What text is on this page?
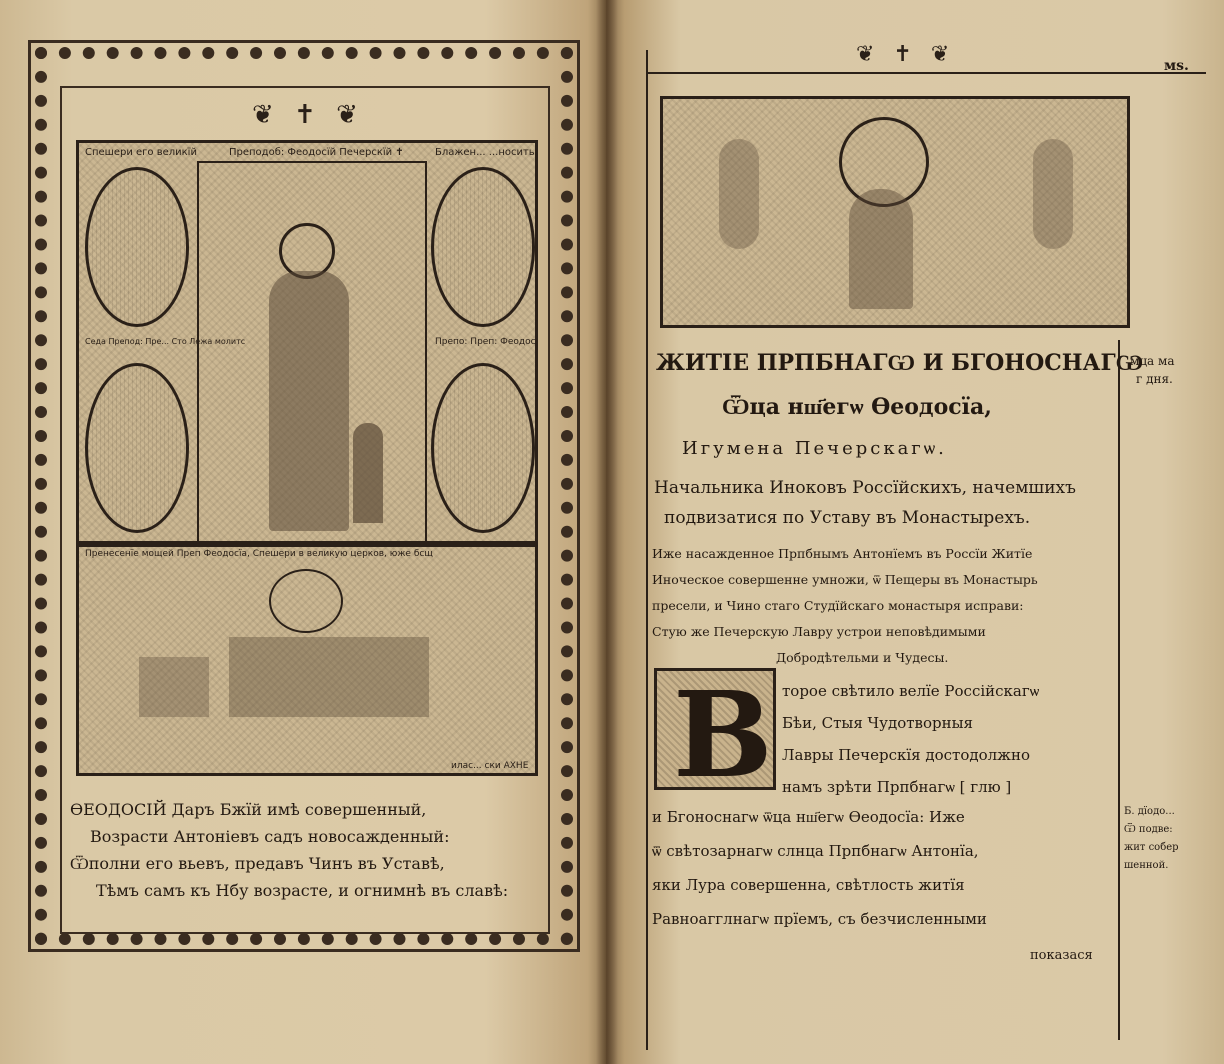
❦ ✝ ❦
Спешери его великїй	Преподоб: Феодосїй Печерскїй ✝	Блажен... ...носить
Седа Препод: Пре... Сто Лежа молитс	Препо: Преп: Феодос
Пренесенїе мощей Преп Феодосїа, Спешери в великую церков, юже бсщ
илас... ски АХНЕ
ѲЕОДОСІЙ Даръ Бжїй имѣ совершенный,
Возрасти Антоніевъ садъ новосажденный:
Ѿполни его вьевъ, предавъ Чинъ въ Уставѣ,
Тѣмъ самъ къ Нбу возрасте, и огнимнѣ въ славѣ:
❦ ✝ ❦	мs.
ЖИТІЕ ПРПБНАГѠ И БГОНОСНАГѠ
мца ма
г дня.
Ѿца нш҃егѡ Ѳеодосїа,
Игумена Печерскагѡ.
Начальника Иноковъ Россїйскихъ, начемшихъ
подвизатися по Уставу въ Монастырехъ.
Иже насажденное Прпбнымъ Антонїемъ въ Россїи Житїе
Иноческое совершенне умножи, ѿ Пещеры въ Монастырь
пресели, и Чино стаго Студїйскаго монастыря исправи:
Стую же Печерскую Лавру устрои неповѣдимыми
Добродѣтельми и Чудесы.
В торое свѣтило велїе Россійскагѡ
Бѣи, Стыя Чудотворныя
Лавры Печерскїя достодолжно
намъ зрѣти Прпбнагѡ [ глю ]
и Бгоноснагѡ ѿца нш҃егѡ Ѳеодосїа: Иже
ѿ свѣтозарнагѡ слнца Прпбнагѡ Антонїа,
яки Лура совершенна, свѣтлость житїя
Равноагглнагѡ прїемъ, съ безчисленными
показася
Б. дїодо...
Ѿ подве:
жит собер
шенной.
